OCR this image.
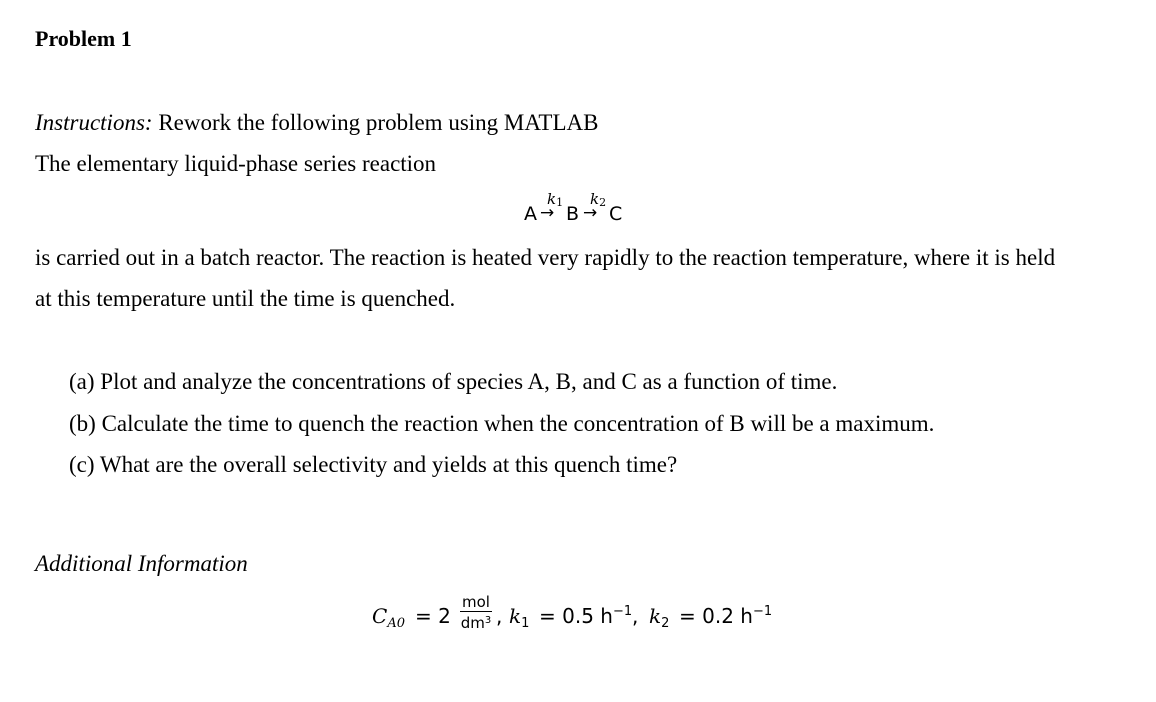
Problem 1
Instructions: Rework the following problem using MATLAB
The elementary liquid-phase series reaction
$k_1$ $k_2$
A → B → C
is carried out in a batch reactor. The reaction is heated very rapidly to the reaction temperature, where it is held
at this temperature until the time is quenched.
(a) Plot and analyze the concentrations of species A, B, and C as a function of time.
(b) Calculate the time to quench the reaction when the concentration of B will be a maximum.
(c) What are the overall selectivity and yields at this quench time?
Additional Information
$C_{A0} = 2$
mol
$dm^3$ , $k_1 = 0.5$ $h^{-1}$ , $k_2 = 0.2$ $h^{-1}$
